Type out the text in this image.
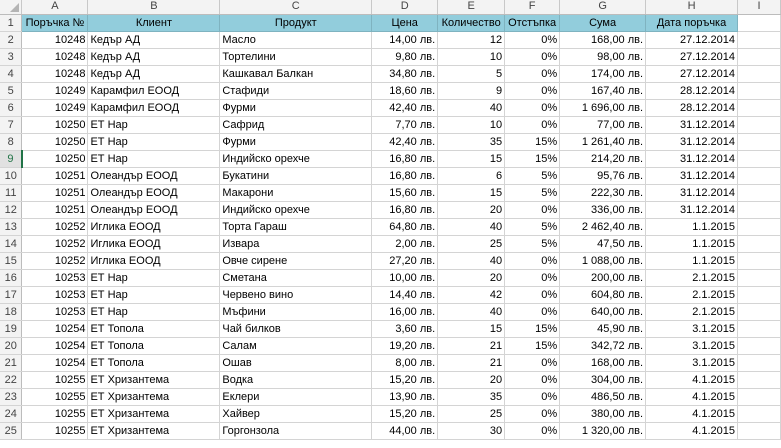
	A	B	C	D	E	F	G	H	I
1	Поръчка №	Клиент	Продукт	Цена	Количество	Отстъпка	Сума	Дата поръчка	
2	10248	Кедър АД	Масло	14,00 лв.	12	0%	168,00 лв.	27.12.2014	
3	10248	Кедър АД	Тортелини	9,80 лв.	10	0%	98,00 лв.	27.12.2014	
4	10248	Кедър АД	Кашкавал Балкан	34,80 лв.	5	0%	174,00 лв.	27.12.2014	
5	10249	Карамфил ЕООД	Стафиди	18,60 лв.	9	0%	167,40 лв.	28.12.2014	
6	10249	Карамфил ЕООД	Фурми	42,40 лв.	40	0%	1 696,00 лв.	28.12.2014	
7	10250	ЕТ Нар	Сафрид	7,70 лв.	10	0%	77,00 лв.	31.12.2014	
8	10250	ЕТ Нар	Фурми	42,40 лв.	35	15%	1 261,40 лв.	31.12.2014	
9	10250	ЕТ Нар	Индийско орехче	16,80 лв.	15	15%	214,20 лв.	31.12.2014	
10	10251	Олеандър ЕООД	Букатини	16,80 лв.	6	5%	95,76 лв.	31.12.2014	
11	10251	Олеандър ЕООД	Макарони	15,60 лв.	15	5%	222,30 лв.	31.12.2014	
12	10251	Олеандър ЕООД	Индийско орехче	16,80 лв.	20	0%	336,00 лв.	31.12.2014	
13	10252	Иглика ЕООД	Торта Гараш	64,80 лв.	40	5%	2 462,40 лв.	1.1.2015	
14	10252	Иглика ЕООД	Извара	2,00 лв.	25	5%	47,50 лв.	1.1.2015	
15	10252	Иглика ЕООД	Овче сирене	27,20 лв.	40	0%	1 088,00 лв.	1.1.2015	
16	10253	ЕТ Нар	Сметана	10,00 лв.	20	0%	200,00 лв.	2.1.2015	
17	10253	ЕТ Нар	Червено вино	14,40 лв.	42	0%	604,80 лв.	2.1.2015	
18	10253	ЕТ Нар	Мъфини	16,00 лв.	40	0%	640,00 лв.	2.1.2015	
19	10254	ЕТ Топола	Чай билков	3,60 лв.	15	15%	45,90 лв.	3.1.2015	
20	10254	ЕТ Топола	Салам	19,20 лв.	21	15%	342,72 лв.	3.1.2015	
21	10254	ЕТ Топола	Ошав	8,00 лв.	21	0%	168,00 лв.	3.1.2015	
22	10255	ЕТ Хризантема	Водка	15,20 лв.	20	0%	304,00 лв.	4.1.2015	
23	10255	ЕТ Хризантема	Еклери	13,90 лв.	35	0%	486,50 лв.	4.1.2015	
24	10255	ЕТ Хризантема	Хайвер	15,20 лв.	25	0%	380,00 лв.	4.1.2015	
25	10255	ЕТ Хризантема	Горгонзола	44,00 лв.	30	0%	1 320,00 лв.	4.1.2015	
